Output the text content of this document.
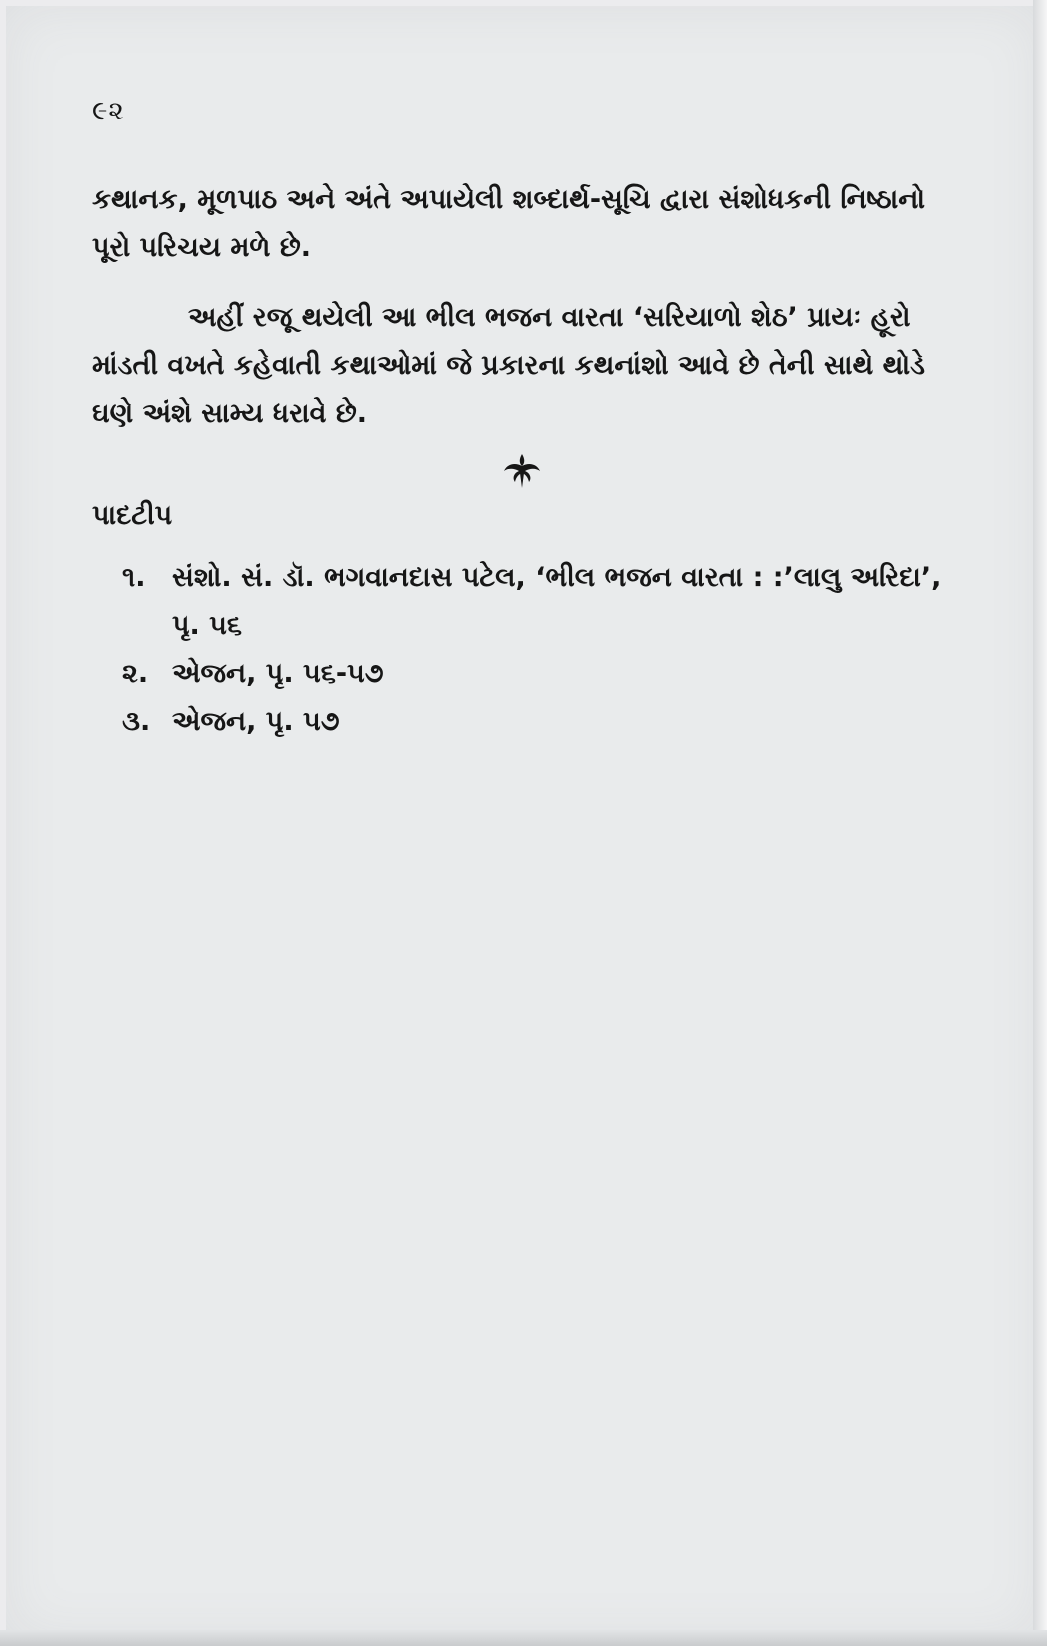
૯૨

કથાનક, મૂળપાઠ અને અંતે અપાયેલી શબ્દાર્થ-સૂચિ દ્વારા સંશોધકની નિષ્ઠાનો પૂરો પરિચય મળે છે.

અહીં રજૂ થયેલી આ ભીલ ભજન વારતા ‘સરિયાળો શેઠ’ પ્રાયઃ હૂરો માંડતી વખતે કહેવાતી કથાઓમાં જે પ્રકારના કથનાંશો આવે છે તેની સાથે થોડે ઘણે અંશે સામ્ય ધરાવે છે.

પાદટીપ
૧. સંશો. સં. ડૉ. ભગવાનદાસ પટેલ, ‘ભીલ ભજન વારતા : :’લાલુ અરિદા’,
પૃ. ૫૬
૨. એજન, પૃ. ૫૬-૫૭
૩. એજન, પૃ. ૫૭
